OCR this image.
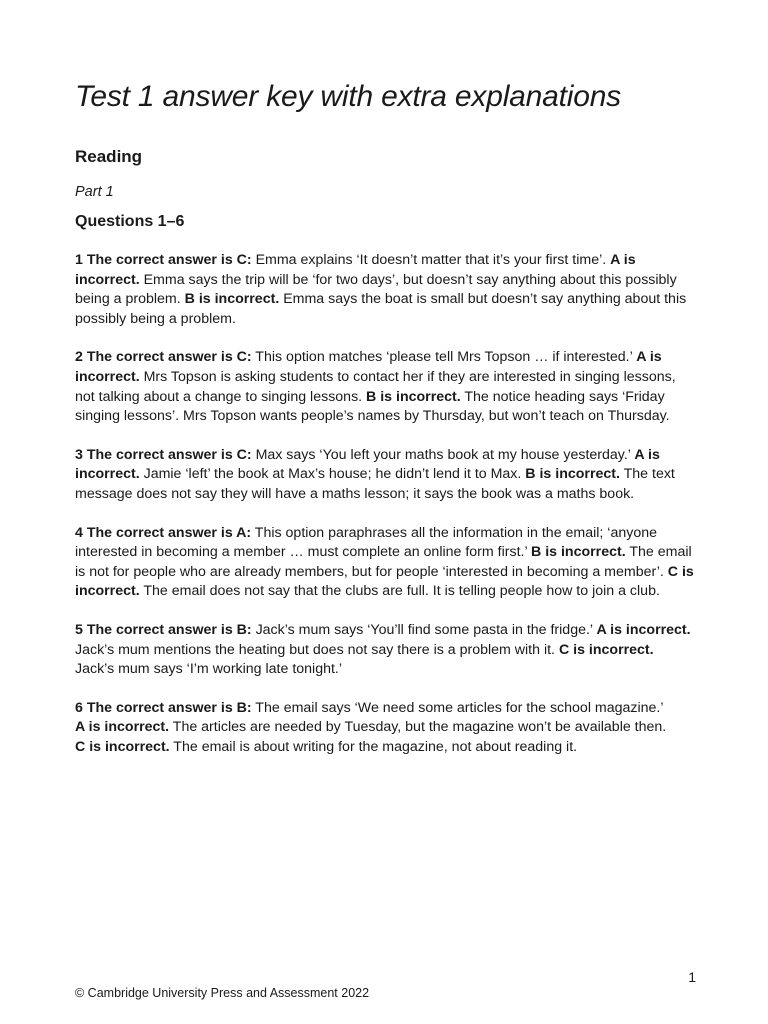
Test 1 answer key with extra explanations
Reading
Part 1
Questions 1–6

1 The correct answer is C: Emma explains ‘It doesn’t matter that it’s your first time’. A is incorrect. Emma says the trip will be ‘for two days’, but doesn’t say anything about this possibly being a problem. B is incorrect. Emma says the boat is small but doesn’t say anything about this possibly being a problem.

2 The correct answer is C: This option matches ‘please tell Mrs Topson … if interested.’ A is incorrect. Mrs Topson is asking students to contact her if they are interested in singing lessons, not talking about a change to singing lessons. B is incorrect. The notice heading says ‘Friday singing lessons’. Mrs Topson wants people’s names by Thursday, but won’t teach on Thursday.

3 The correct answer is C: Max says ‘You left your maths book at my house yesterday.’ A is incorrect. Jamie ‘left’ the book at Max’s house; he didn’t lend it to Max. B is incorrect. The text message does not say they will have a maths lesson; it says the book was a maths book.

4 The correct answer is A: This option paraphrases all the information in the email; ‘anyone interested in becoming a member … must complete an online form first.’ B is incorrect. The email is not for people who are already members, but for people ‘interested in becoming a member’. C is incorrect. The email does not say that the clubs are full. It is telling people how to join a club.

5 The correct answer is B: Jack’s mum says ‘You’ll find some pasta in the fridge.’ A is incorrect. Jack’s mum mentions the heating but does not say there is a problem with it. C is incorrect. Jack’s mum says ‘I’m working late tonight.’

6 The correct answer is B: The email says ‘We need some articles for the school magazine.’
A is incorrect. The articles are needed by Tuesday, but the magazine won’t be available then.
C is incorrect. The email is about writing for the magazine, not about reading it.

1
© Cambridge University Press and Assessment 2022
